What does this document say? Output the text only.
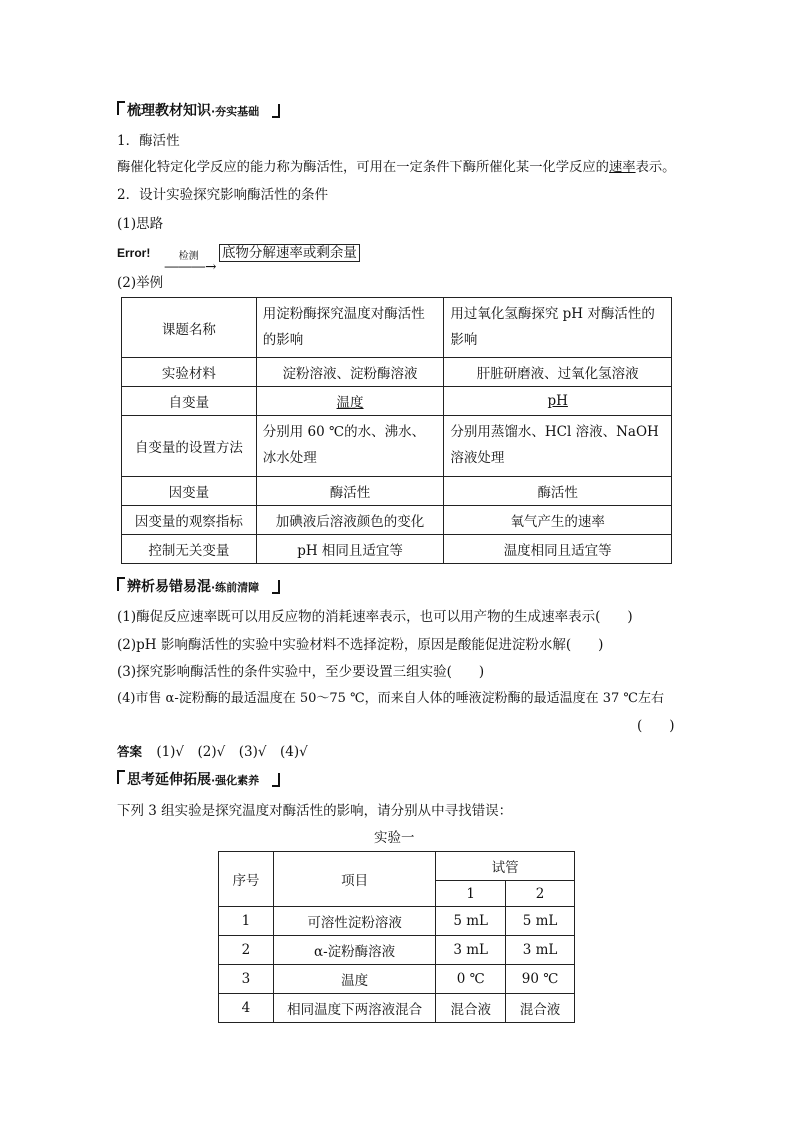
梳理教材知识·夯实基础
1．酶活性
酶催化特定化学反应的能力称为酶活性，可用在一定条件下酶所催化某一化学反应的速率表示。
2．设计实验探究影响酶活性的条件
(1)思路
Error!	检测
―――→
底物分解速率或剩余量
(2)举例
课题名称	用淀粉酶探究温度对酶活性的影响	用过氧化氢酶探究 pH 对酶活性的影响
实验材料	淀粉溶液、淀粉酶溶液	肝脏研磨液、过氧化氢溶液
自变量	温度	pH
自变量的设置方法	分别用 60 ℃的水、沸水、冰水处理	分别用蒸馏水、HCl 溶液、NaOH 溶液处理
因变量	酶活性	酶活性
因变量的观察指标	加碘液后溶液颜色的变化	氧气产生的速率
控制无关变量	pH 相同且适宜等	温度相同且适宜等
辨析易错易混·练前清障
(1)酶促反应速率既可以用反应物的消耗速率表示，也可以用产物的生成速率表示(　　)
(2)pH 影响酶活性的实验中实验材料不选择淀粉，原因是酸能促进淀粉水解(　　)
(3)探究影响酶活性的条件实验中，至少要设置三组实验(　　)
(4)市售 α-淀粉酶的最适温度在 50～75 ℃，而来自人体的唾液淀粉酶的最适温度在 37 ℃左右
(　　)
答案 (1)√　(2)√　(3)√　(4)√
思考延伸拓展·强化素养
下列 3 组实验是探究温度对酶活性的影响，请分别从中寻找错误：
实验一
序号	项目	试管	
		1	2
1	可溶性淀粉溶液	5 mL	5 mL
2	α-淀粉酶溶液	3 mL	3 mL
3	温度	0 ℃	90 ℃
4	相同温度下两溶液混合	混合液	混合液
